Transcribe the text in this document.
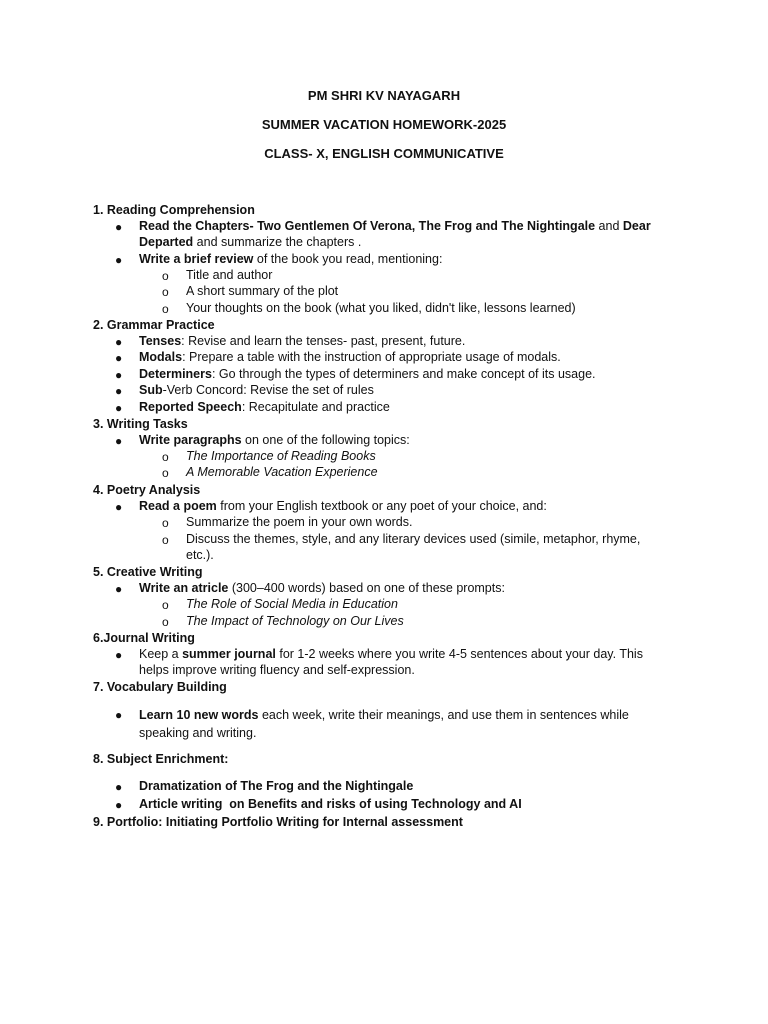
PM SHRI KV NAYAGARH
SUMMER VACATION HOMEWORK-2025
CLASS- X, ENGLISH COMMUNICATIVE
1. Reading Comprehension
● Read the Chapters- Two Gentlemen Of Verona, The Frog and The Nightingale and Dear Departed and summarize the chapters .
● Write a brief review of the book you read, mentioning:
o Title and author
o A short summary of the plot
o Your thoughts on the book (what you liked, didn't like, lessons learned)
2. Grammar Practice
● Tenses: Revise and learn the tenses- past, present, future.
● Modals: Prepare a table with the instruction of appropriate usage of modals.
● Determiners: Go through the types of determiners and make concept of its usage.
● Sub-Verb Concord: Revise the set of rules
● Reported Speech: Recapitulate and practice
3. Writing Tasks
● Write paragraphs on one of the following topics:
o The Importance of Reading Books
o A Memorable Vacation Experience
4. Poetry Analysis
● Read a poem from your English textbook or any poet of your choice, and:
o Summarize the poem in your own words.
o Discuss the themes, style, and any literary devices used (simile, metaphor, rhyme, etc.).
5. Creative Writing
● Write an atricle (300–400 words) based on one of these prompts:
o The Role of Social Media in Education
o The Impact of Technology on Our Lives
6.Journal Writing
● Keep a summer journal for 1-2 weeks where you write 4-5 sentences about your day. This helps improve writing fluency and self-expression.
7. Vocabulary Building
● Learn 10 new words each week, write their meanings, and use them in sentences while speaking and writing.
8. Subject Enrichment:
● Dramatization of The Frog and the Nightingale
● Article writing  on Benefits and risks of using Technology and AI
9. Portfolio: Initiating Portfolio Writing for Internal assessment
